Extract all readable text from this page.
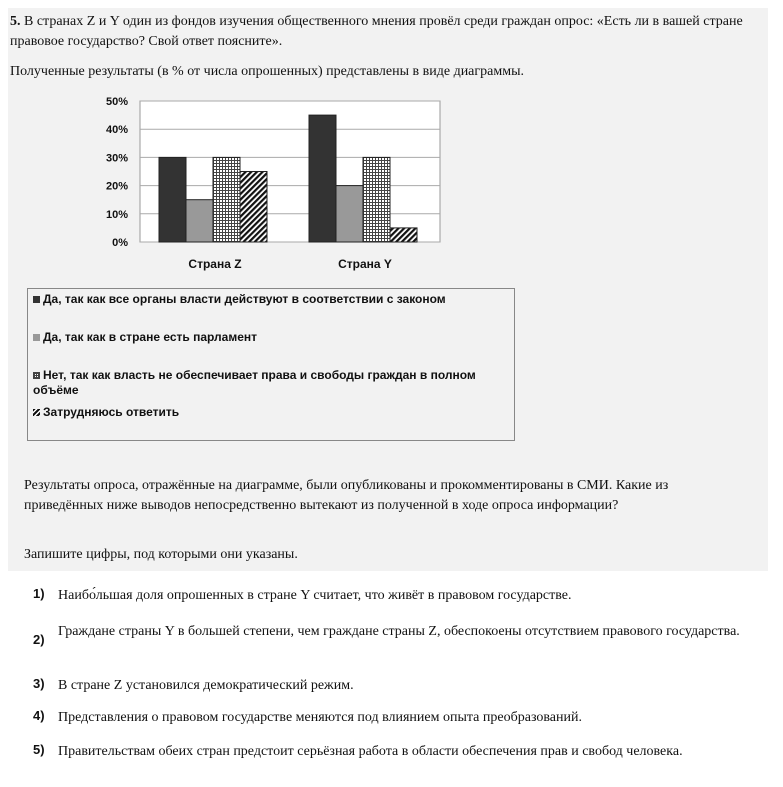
5. В странах Z и Y один из фондов изучения общественного мнения провёл среди граждан опрос: «Есть ли в вашей стране правовое государство? Свой ответ поясните».
Полученные результаты (в % от числа опрошенных) представлены в виде диаграммы.
0%
10%
20%
30%
40%
50%
Страна Z	Страна Y
Да, так как все органы власти действуют в соответствии с законом
Да, так как в стране есть парламент
Нет, так как власть не обеспечивает права и свободы граждан в полном объёме
Затрудняюсь ответить
Результаты опроса, отражённые на диаграмме, были опубликованы и прокомментированы в СМИ. Какие из приведённых ниже выводов непосредственно вытекают из полученной в ходе опроса информации?
Запишите цифры, под которыми они указаны.
1) Наибо́льшая доля опрошенных в стране Y считает, что живёт в правовом государстве.
2)
Граждане страны Y в большей степени, чем граждане страны Z, обеспокоены отсутствием правового государства.
3) В стране Z установился демократический режим.
4) Представления о правовом государстве меняются под влиянием опыта преобразований.
5) Правительствам обеих стран предстоит серьёзная работа в области обеспечения прав и свобод человека.
